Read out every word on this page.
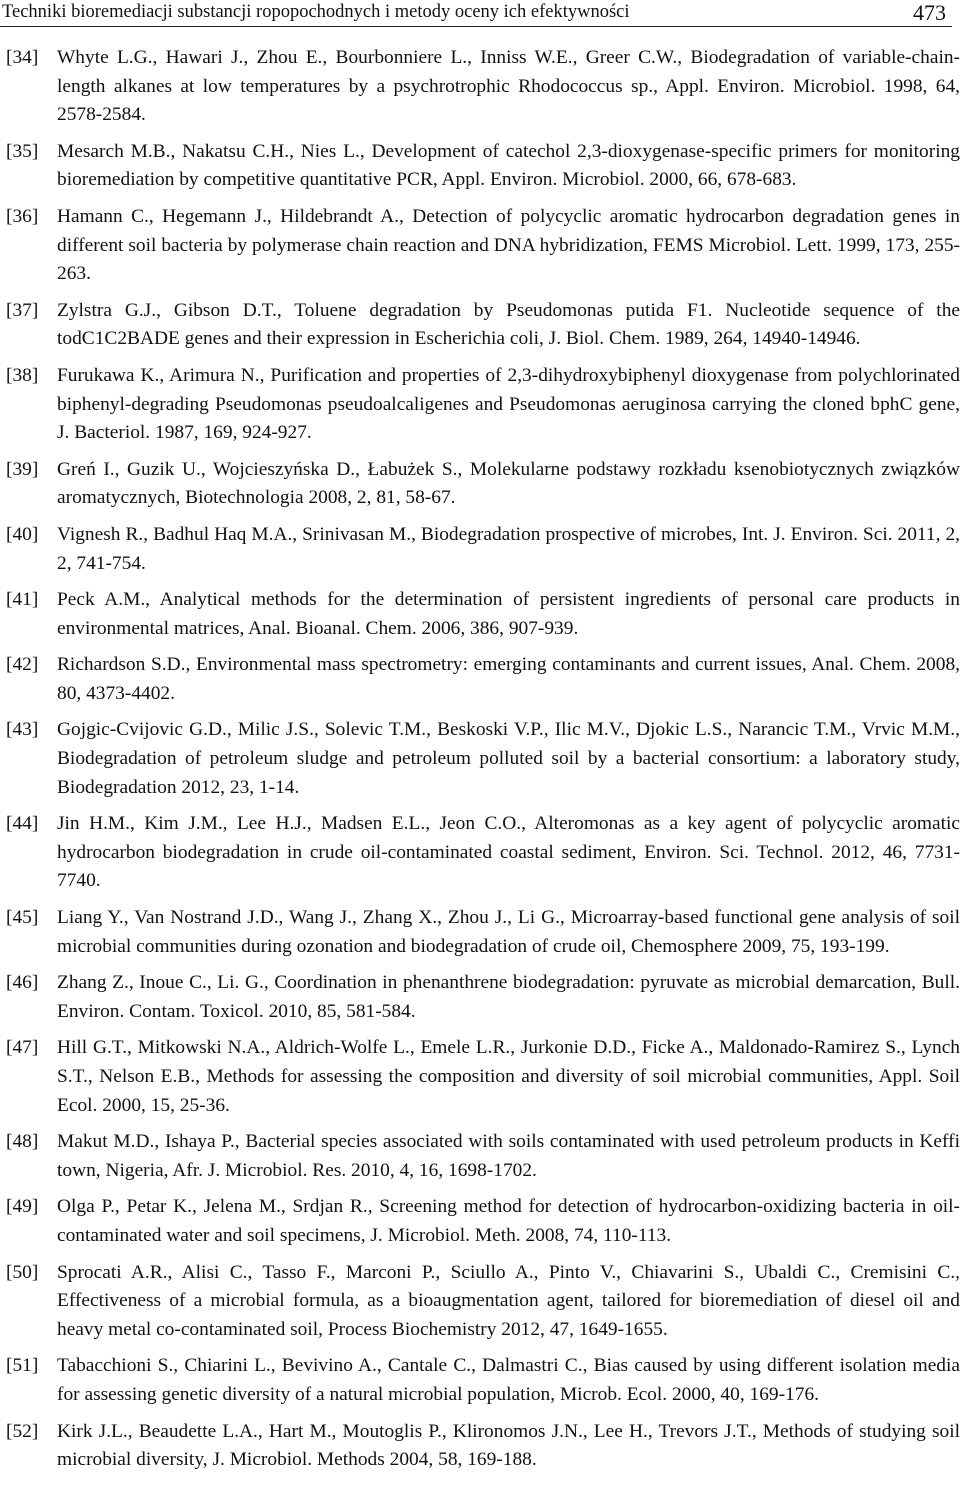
Techniki bioremediacji substancji ropopochodnych i metody oceny ich efektywności	473
[34] Whyte L.G., Hawari J., Zhou E., Bourbonniere L., Inniss W.E., Greer C.W., Biodegradation of variable-chain-length alkanes at low temperatures by a psychrotrophic Rhodococcus sp., Appl. Environ. Microbiol. 1998, 64, 2578-2584.
[35] Mesarch M.B., Nakatsu C.H., Nies L., Development of catechol 2,3-dioxygenase-specific primers for monitoring bioremediation by competitive quantitative PCR, Appl. Environ. Microbiol. 2000, 66, 678-683.
[36] Hamann C., Hegemann J., Hildebrandt A., Detection of polycyclic aromatic hydrocarbon degradation genes in different soil bacteria by polymerase chain reaction and DNA hybridization, FEMS Microbiol. Lett. 1999, 173, 255-263.
[37] Zylstra G.J., Gibson D.T., Toluene degradation by Pseudomonas putida F1. Nucleotide sequence of the todC1C2BADE genes and their expression in Escherichia coli, J. Biol. Chem. 1989, 264, 14940-14946.
[38] Furukawa K., Arimura N., Purification and properties of 2,3-dihydroxybiphenyl dioxygenase from polychlorinated biphenyl-degrading Pseudomonas pseudoalcaligenes and Pseudomonas aeruginosa carrying the cloned bphC gene, J. Bacteriol. 1987, 169, 924-927.
[39] Greń I., Guzik U., Wojcieszyńska D., Łabużek S., Molekularne podstawy rozkładu ksenobiotycznych związków aromatycznych, Biotechnologia 2008, 2, 81, 58-67.
[40] Vignesh R., Badhul Haq M.A., Srinivasan M., Biodegradation prospective of microbes, Int. J. Environ. Sci. 2011, 2, 2, 741-754.
[41] Peck A.M., Analytical methods for the determination of persistent ingredients of personal care products in environmental matrices, Anal. Bioanal. Chem. 2006, 386, 907-939.
[42] Richardson S.D., Environmental mass spectrometry: emerging contaminants and current issues, Anal. Chem. 2008, 80, 4373-4402.
[43] Gojgic-Cvijovic G.D., Milic J.S., Solevic T.M., Beskoski V.P., Ilic M.V., Djokic L.S., Narancic T.M., Vrvic M.M., Biodegradation of petroleum sludge and petroleum polluted soil by a bacterial consortium: a laboratory study, Biodegradation 2012, 23, 1-14.
[44] Jin H.M., Kim J.M., Lee H.J., Madsen E.L., Jeon C.O., Alteromonas as a key agent of polycyclic aromatic hydrocarbon biodegradation in crude oil-contaminated coastal sediment, Environ. Sci. Technol. 2012, 46, 7731-7740.
[45] Liang Y., Van Nostrand J.D., Wang J., Zhang X., Zhou J., Li G., Microarray-based functional gene analysis of soil microbial communities during ozonation and biodegradation of crude oil, Chemosphere 2009, 75, 193-199.
[46] Zhang Z., Inoue C., Li. G., Coordination in phenanthrene biodegradation: pyruvate as microbial demarcation, Bull. Environ. Contam. Toxicol. 2010, 85, 581-584.
[47] Hill G.T., Mitkowski N.A., Aldrich-Wolfe L., Emele L.R., Jurkonie D.D., Ficke A., Maldonado-Ramirez S., Lynch S.T., Nelson E.B., Methods for assessing the composition and diversity of soil microbial communities, Appl. Soil Ecol. 2000, 15, 25-36.
[48] Makut M.D., Ishaya P., Bacterial species associated with soils contaminated with used petroleum products in Keffi town, Nigeria, Afr. J. Microbiol. Res. 2010, 4, 16, 1698-1702.
[49] Olga P., Petar K., Jelena M., Srdjan R., Screening method for detection of hydrocarbon-oxidizing bacteria in oil-contaminated water and soil specimens, J. Microbiol. Meth. 2008, 74, 110-113.
[50] Sprocati A.R., Alisi C., Tasso F., Marconi P., Sciullo A., Pinto V., Chiavarini S., Ubaldi C., Cremisini C., Effectiveness of a microbial formula, as a bioaugmentation agent, tailored for bioremediation of diesel oil and heavy metal co-contaminated soil, Process Biochemistry 2012, 47, 1649-1655.
[51] Tabacchioni S., Chiarini L., Bevivino A., Cantale C., Dalmastri C., Bias caused by using different isolation media for assessing genetic diversity of a natural microbial population, Microb. Ecol. 2000, 40, 169-176.
[52] Kirk J.L., Beaudette L.A., Hart M., Moutoglis P., Klironomos J.N., Lee H., Trevors J.T., Methods of studying soil microbial diversity, J. Microbiol. Methods 2004, 58, 169-188.
